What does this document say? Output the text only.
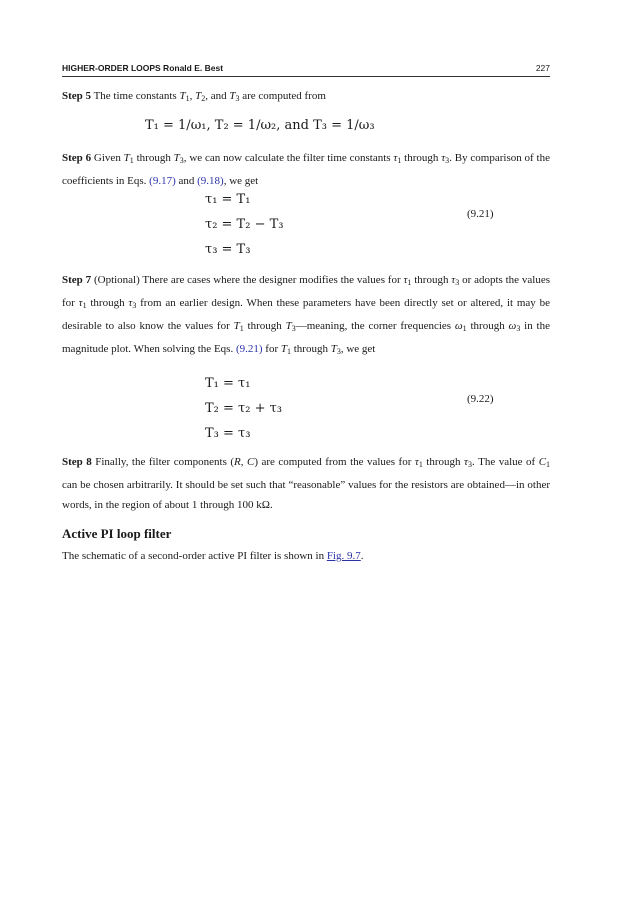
HIGHER-ORDER LOOPS Ronald E. Best	227
Step 5 The time constants $T_1$, $T_2$, and $T_3$ are computed from
T₁ = 1/ω₁, T₂ = 1/ω₂, and T₃ = 1/ω₃
Step 6 Given $T_1$ through $T_3$, we can now calculate the filter time constants $\tau_1$ through $\tau_3$. By comparison of the coefficients in Eqs. (9.17) and (9.18), we get
τ₁ = T₁
τ₂ = T₂ − T₃
τ₃ = T₃
(9.21)
Step 7 (Optional) There are cases where the designer modifies the values for $\tau_1$ through $\tau_3$ or adopts the values for $\tau_1$ through $\tau_3$ from an earlier design. When these parameters have been directly set or altered, it may be desirable to also know the values for $T_1$ through $T_3—meaning$, the corner frequencies $\omega_1$ through $\omega_3$ in the magnitude plot. When solving the Eqs. (9.21) for $T_1$ through $T_3$, we get
T₁ = τ₁
T₂ = τ₂ + τ₃
T₃ = τ₃
(9.22)
Step 8 Finally, the filter components (R, C) are computed from the values for $\tau_1$ through $\tau_3$. The value of $C_1$ can be chosen arbitrarily. It should be set such that “reasonable” values for the resistors are obtained—in other words, in the region of about 1 through 100 kΩ.
Active PI loop filter
The schematic of a second-order active PI filter is shown in Fig. 9.7.
